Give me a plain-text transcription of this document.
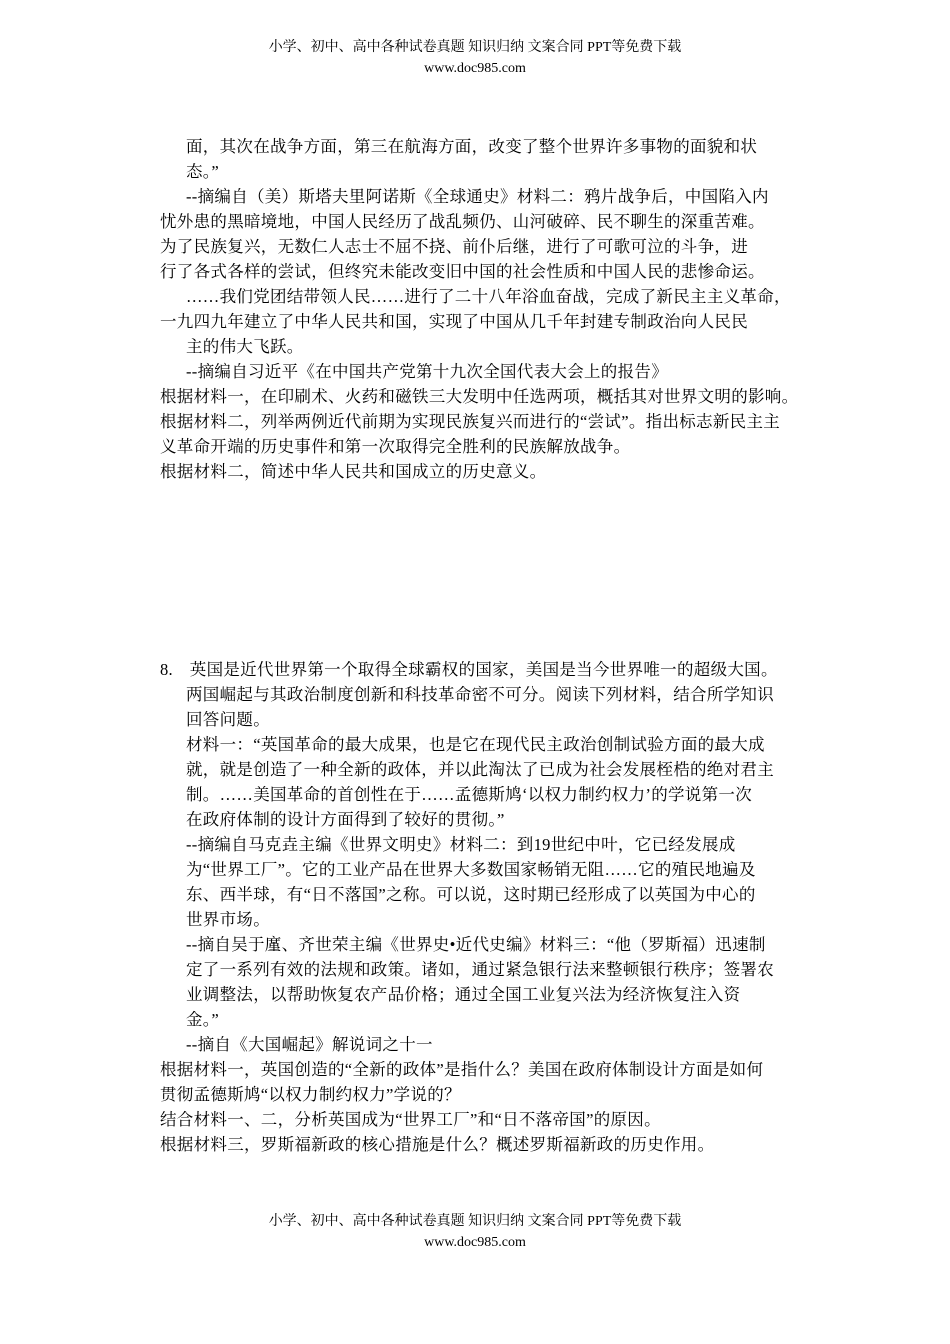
小学、初中、高中各种试卷真题 知识归纳 文案合同 PPT等免费下载
www.doc985.com
面，其次在战争方面，第三在航海方面，改变了整个世界许多事物的面貌和状
态。”
--摘编自（美）斯塔夫里阿诺斯《全球通史》材料二：鸦片战争后，中国陷入内
忧外患的黑暗境地，中国人民经历了战乱频仍、山河破碎、民不聊生的深重苦难。
为了民族复兴，无数仁人志士不屈不挠、前仆后继，进行了可歌可泣的斗争，进
行了各式各样的尝试，但终究未能改变旧中国的社会性质和中国人民的悲惨命运。
……我们党团结带领人民……进行了二十八年浴血奋战，完成了新民主主义革命，
一九四九年建立了中华人民共和国，实现了中国从几千年封建专制政治向人民民
主的伟大飞跃。
--摘编自习近平《在中国共产党第十九次全国代表大会上的报告》
根据材料一，在印刷术、火药和磁铁三大发明中任选两项，概括其对世界文明的影响。
根据材料二，列举两例近代前期为实现民族复兴而进行的“尝试”。指出标志新民主主
义革命开端的历史事件和第一次取得完全胜利的民族解放战争。
根据材料二，简述中华人民共和国成立的历史意义。
8.　英国是近代世界第一个取得全球霸权的国家，美国是当今世界唯一的超级大国。
两国崛起与其政治制度创新和科技革命密不可分。阅读下列材料，结合所学知识
回答问题。
材料一：“英国革命的最大成果，也是它在现代民主政治创制试验方面的最大成
就，就是创造了一种全新的政体，并以此淘汰了已成为社会发展桎梏的绝对君主
制。……美国革命的首创性在于……孟德斯鸠‘以权力制约权力’的学说第一次
在政府体制的设计方面得到了较好的贯彻。”
--摘编自马克垚主编《世界文明史》材料二：到19世纪中叶，它已经发展成
为“世界工厂”。它的工业产品在世界大多数国家畅销无阻……它的殖民地遍及
东、西半球，有“日不落国”之称。可以说，这时期已经形成了以英国为中心的
世界市场。
--摘自吴于廑、齐世荣主编《世界史•近代史编》材料三：“他（罗斯福）迅速制
定了一系列有效的法规和政策。诸如，通过紧急银行法来整顿银行秩序；签署农
业调整法，以帮助恢复农产品价格；通过全国工业复兴法为经济恢复注入资
金。”
--摘自《大国崛起》解说词之十一
根据材料一，英国创造的“全新的政体”是指什么？美国在政府体制设计方面是如何
贯彻孟德斯鸠“以权力制约权力”学说的？
结合材料一、二，分析英国成为“世界工厂”和“日不落帝国”的原因。
根据材料三，罗斯福新政的核心措施是什么？概述罗斯福新政的历史作用。
小学、初中、高中各种试卷真题 知识归纳 文案合同 PPT等免费下载
www.doc985.com
